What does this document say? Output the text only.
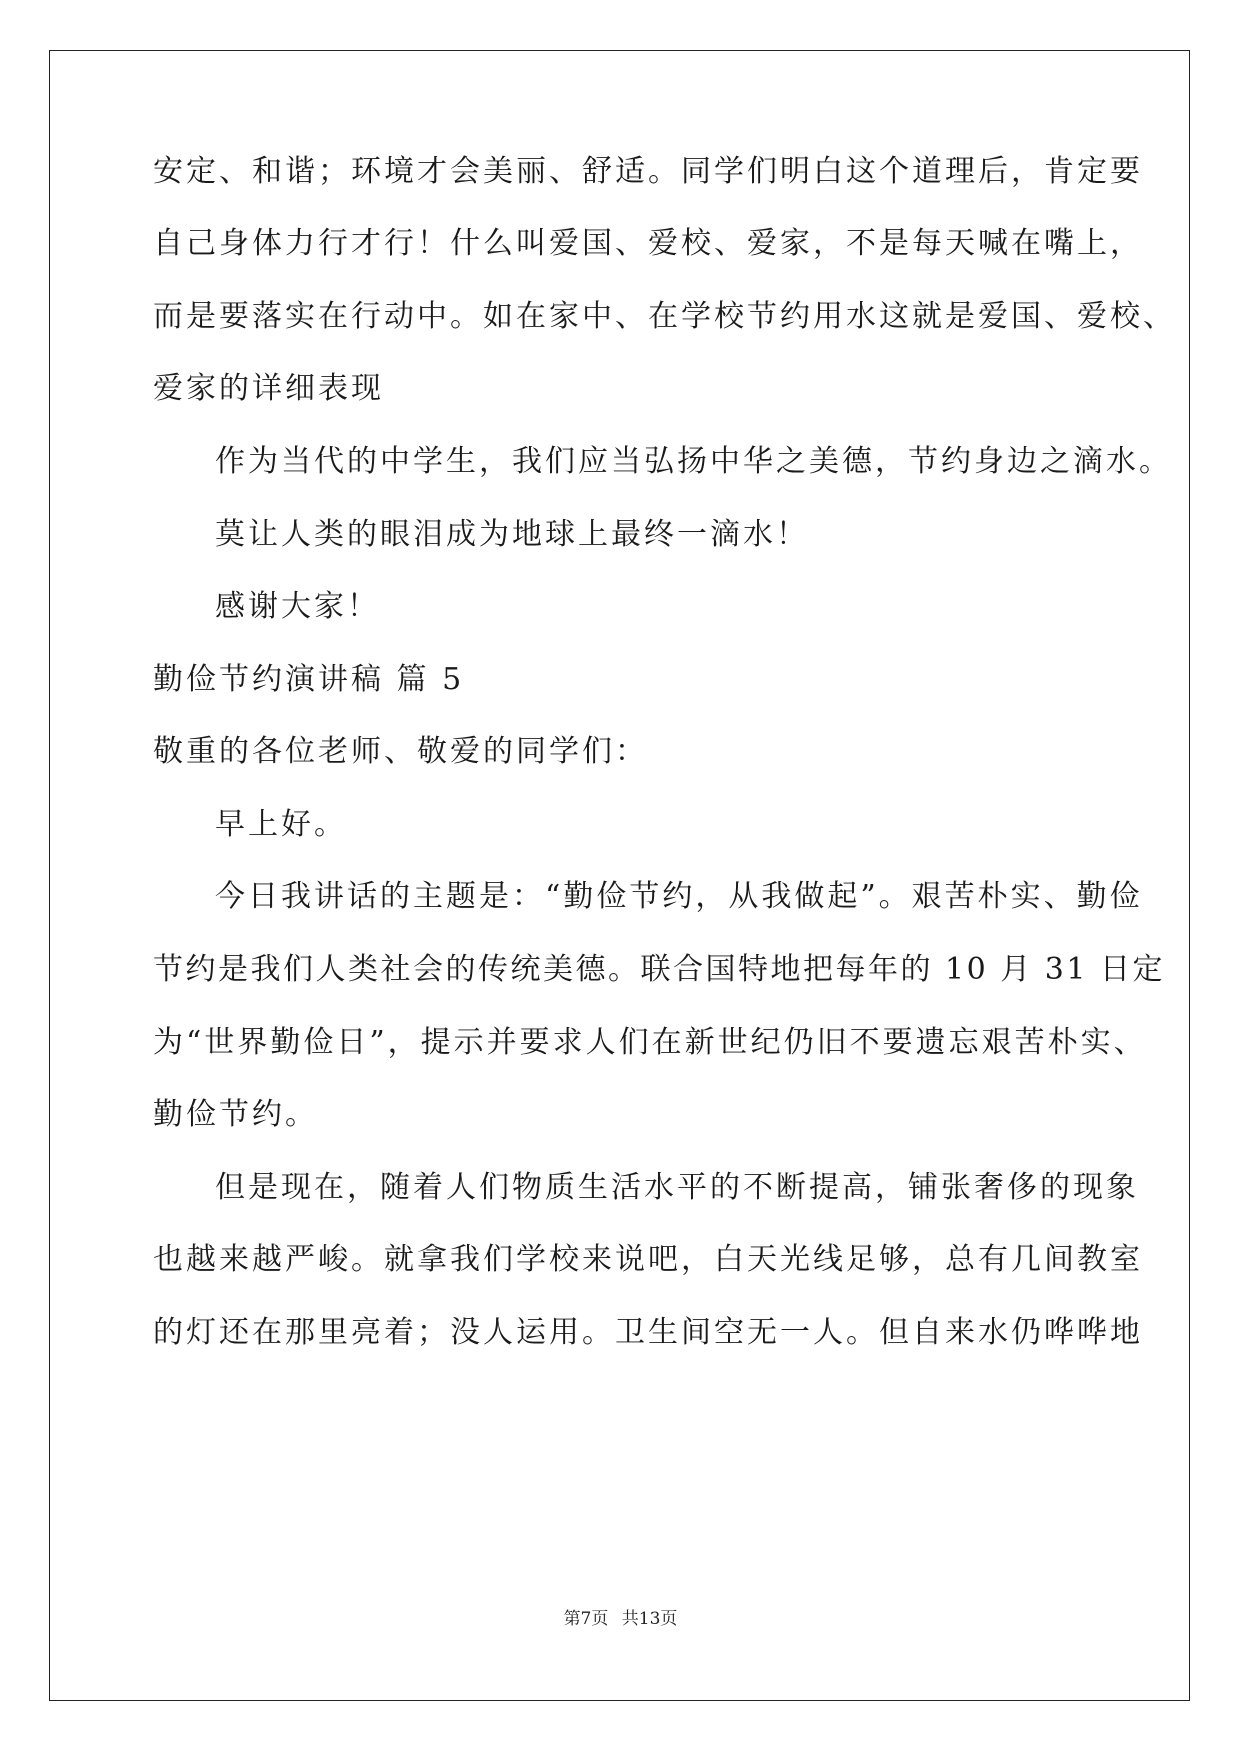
安定、和谐；环境才会美丽、舒适。同学们明白这个道理后，肯定要
自己身体力行才行！什么叫爱国、爱校、爱家，不是每天喊在嘴上，
而是要落实在行动中。如在家中、在学校节约用水这就是爱国、爱校、
爱家的详细表现
作为当代的中学生，我们应当弘扬中华之美德，节约身边之滴水。
莫让人类的眼泪成为地球上最终一滴水！
感谢大家！
勤俭节约演讲稿 篇 5
敬重的各位老师、敬爱的同学们：
早上好。
今日我讲话的主题是：“勤俭节约，从我做起”。艰苦朴实、勤俭
节约是我们人类社会的传统美德。联合国特地把每年的 10 月 31 日定
为“世界勤俭日”，提示并要求人们在新世纪仍旧不要遗忘艰苦朴实、
勤俭节约。
但是现在，随着人们物质生活水平的不断提高，铺张奢侈的现象
也越来越严峻。就拿我们学校来说吧，白天光线足够，总有几间教室
的灯还在那里亮着；没人运用。卫生间空无一人。但自来水仍哗哗地
第7页 共13页
